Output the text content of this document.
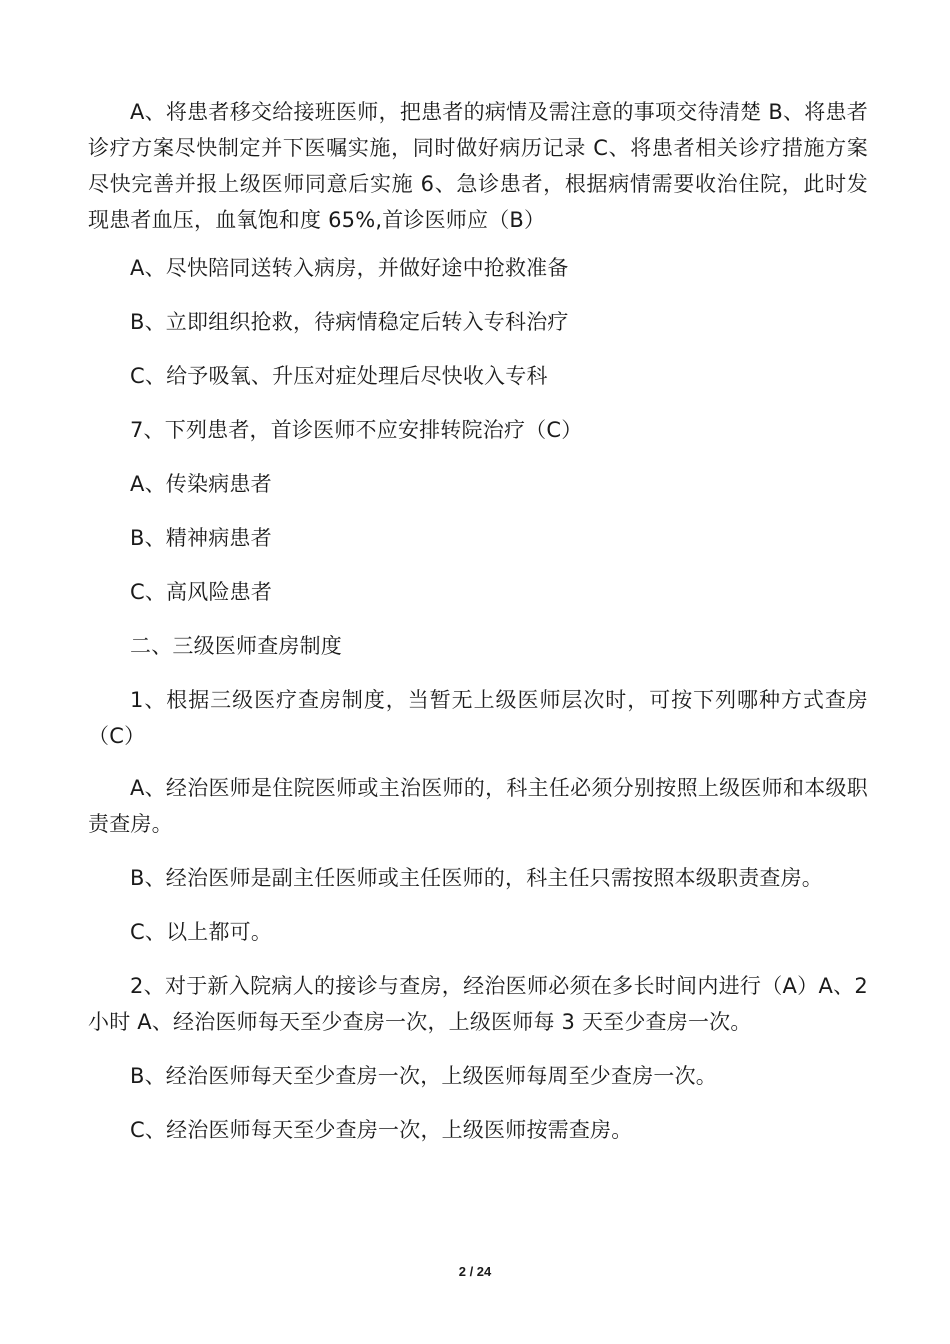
A、将患者移交给接班医师，把患者的病情及需注意的事项交待清楚 B、将患者诊疗方案尽快制定并下医嘱实施，同时做好病历记录 C、将患者相关诊疗措施方案尽快完善并报上级医师同意后实施 6、急诊患者，根据病情需要收治住院，此时发现患者血压，血氧饱和度 65%,首诊医师应（B）

A、尽快陪同送转入病房，并做好途中抢救准备

B、立即组织抢救，待病情稳定后转入专科治疗

C、给予吸氧、升压对症处理后尽快收入专科

7、下列患者，首诊医师不应安排转院治疗（C）

A、传染病患者

B、精神病患者

C、高风险患者

二、三级医师查房制度

1、根据三级医疗查房制度，当暂无上级医师层次时，可按下列哪种方式查房（C）

A、经治医师是住院医师或主治医师的，科主任必须分别按照上级医师和本级职责查房。

B、经治医师是副主任医师或主任医师的，科主任只需按照本级职责查房。

C、以上都可。

2、对于新入院病人的接诊与查房，经治医师必须在多长时间内进行（A）A、2 小时 A、经治医师每天至少查房一次，上级医师每 3 天至少查房一次。

B、经治医师每天至少查房一次，上级医师每周至少查房一次。

C、经治医师每天至少查房一次，上级医师按需查房。

2 / 24
